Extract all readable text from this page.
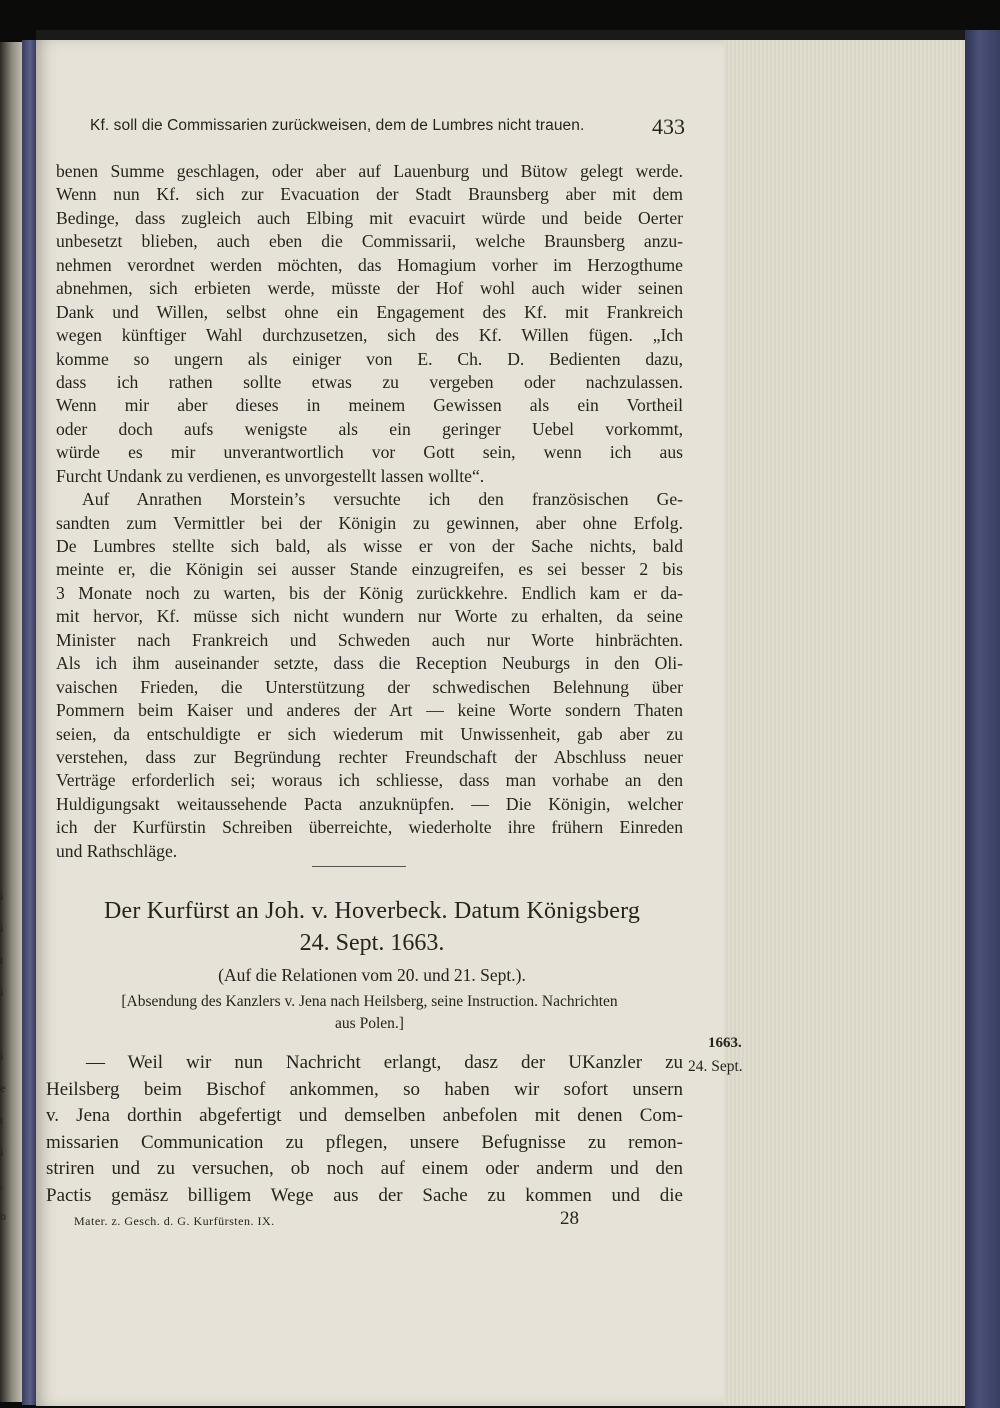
i
i
t
i
i
e
t
i
.
o
Kf. soll die Commissarien zurückweisen, dem de Lumbres nicht trauen.	433
benen Summe geschlagen, oder aber auf Lauenburg und Bütow gelegt werde.
Wenn nun Kf. sich zur Evacuation der Stadt Braunsberg aber mit dem
Bedinge, dass zugleich auch Elbing mit evacuirt würde und beide Oerter
unbesetzt blieben, auch eben die Commissarii, welche Braunsberg anzu-
nehmen verordnet werden möchten, das Homagium vorher im Herzogthume
abnehmen, sich erbieten werde, müsste der Hof wohl auch wider seinen
Dank und Willen, selbst ohne ein Engagement des Kf. mit Frankreich
wegen künftiger Wahl durchzusetzen, sich des Kf. Willen fügen. „Ich
komme so ungern als einiger von E. Ch. D. Bedienten dazu,
dass ich rathen sollte etwas zu vergeben oder nachzulassen.
Wenn mir aber dieses in meinem Gewissen als ein Vortheil
oder doch aufs wenigste als ein geringer Uebel vorkommt,
würde es mir unverantwortlich vor Gott sein, wenn ich aus
Furcht Undank zu verdienen, es unvorgestellt lassen wollte“.
Auf Anrathen Morstein’s versuchte ich den französischen Ge-
sandten zum Vermittler bei der Königin zu gewinnen, aber ohne Erfolg.
De Lumbres stellte sich bald, als wisse er von der Sache nichts, bald
meinte er, die Königin sei ausser Stande einzugreifen, es sei besser 2 bis
3 Monate noch zu warten, bis der König zurückkehre. Endlich kam er da-
mit hervor, Kf. müsse sich nicht wundern nur Worte zu erhalten, da seine
Minister nach Frankreich und Schweden auch nur Worte hinbrächten.
Als ich ihm auseinander setzte, dass die Reception Neuburgs in den Oli-
vaischen Frieden, die Unterstützung der schwedischen Belehnung über
Pommern beim Kaiser und anderes der Art — keine Worte sondern Thaten
seien, da entschuldigte er sich wiederum mit Unwissenheit, gab aber zu
verstehen, dass zur Begründung rechter Freundschaft der Abschluss neuer
Verträge erforderlich sei; woraus ich schliesse, dass man vorhabe an den
Huldigungsakt weitaussehende Pacta anzuknüpfen. — Die Königin, welcher
ich der Kurfürstin Schreiben überreichte, wiederholte ihre frühern Einreden
und Rathschläge.
Der Kurfürst an Joh. v. Hoverbeck. Datum Königsberg
24. Sept. 1663.
(Auf die Relationen vom 20. und 21. Sept.).
[Absendung des Kanzlers v. Jena nach Heilsberg, seine Instruction. Nachrichten
aus Polen.]
1663.
24. Sept.
— Weil wir nun Nachricht erlangt, dasz der UKanzler zu
Heilsberg beim Bischof ankommen, so haben wir sofort unsern
v. Jena dorthin abgefertigt und demselben anbefolen mit denen Com-
missarien Communication zu pflegen, unsere Befugnisse zu remon-
striren und zu versuchen, ob noch auf einem oder anderm und den
Pactis gemäsz billigem Wege aus der Sache zu kommen und die
Mater. z. Gesch. d. G. Kurfürsten. IX.	28
